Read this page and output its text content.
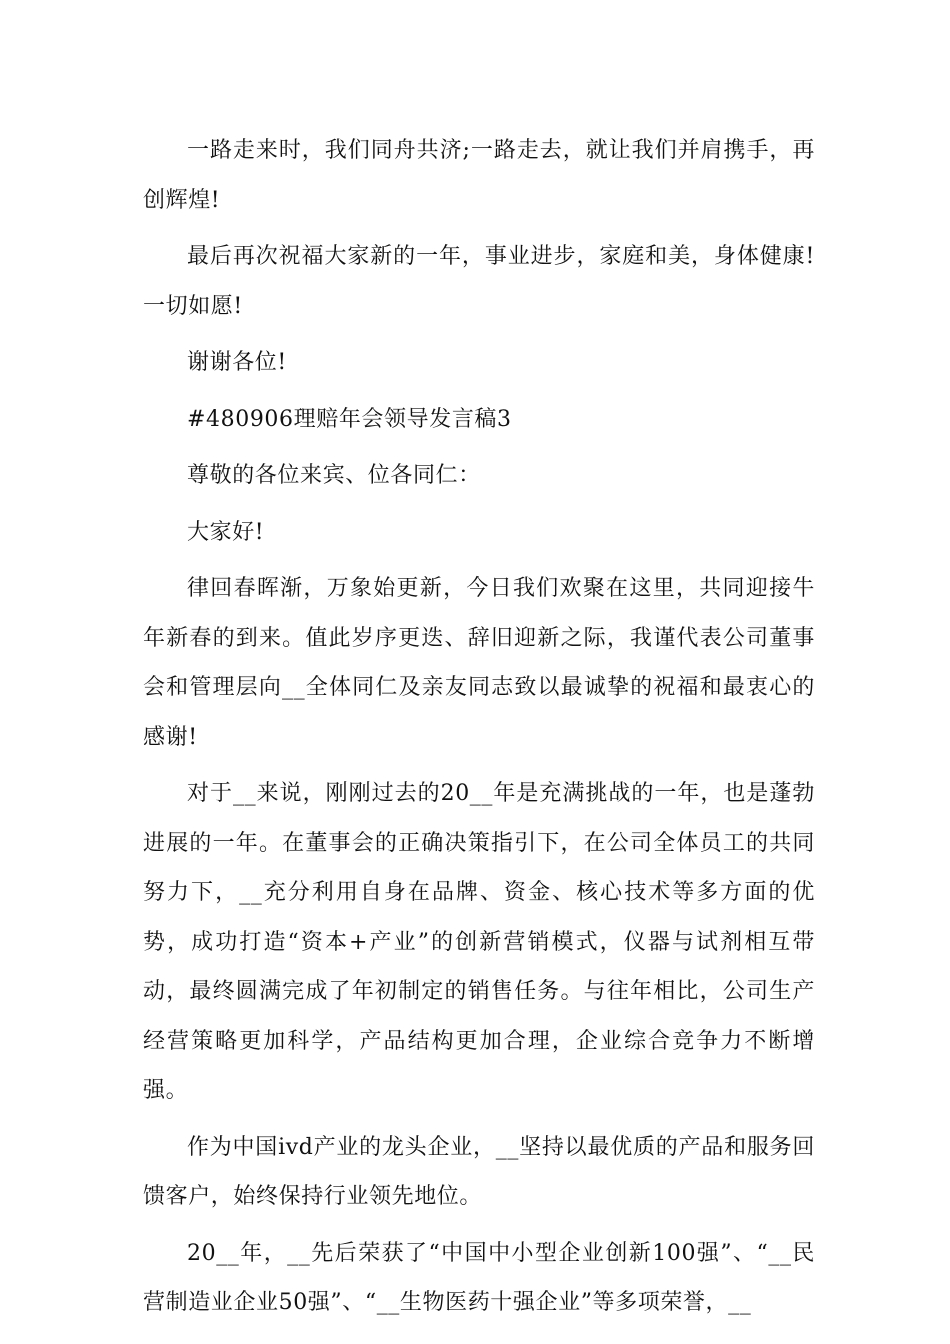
一路走来时，我们同舟共济;一路走去，就让我们并肩携手，再创辉煌!

最后再次祝福大家新的一年，事业进步，家庭和美，身体健康!一切如愿!

谢谢各位!

#480906理赔年会领导发言稿3

尊敬的各位来宾、位各同仁：

大家好!

律回春晖渐，万象始更新，今日我们欢聚在这里，共同迎接牛年新春的到来。值此岁序更迭、辞旧迎新之际，我谨代表公司董事会和管理层向__全体同仁及亲友同志致以最诚挚的祝福和最衷心的感谢!

对于__来说，刚刚过去的20__年是充满挑战的一年，也是蓬勃进展的一年。在董事会的正确决策指引下，在公司全体员工的共同努力下，__充分利用自身在品牌、资金、核心技术等多方面的优势，成功打造“资本+产业”的创新营销模式，仪器与试剂相互带动，最终圆满完成了年初制定的销售任务。与往年相比，公司生产经营策略更加科学，产品结构更加合理，企业综合竞争力不断增强。

作为中国ivd产业的龙头企业，__坚持以最优质的产品和服务回馈客户，始终保持行业领先地位。

20__年，__先后荣获了“中国中小型企业创新100强”、“__民营制造业企业50强”、“__生物医药十强企业”等多项荣誉，__
